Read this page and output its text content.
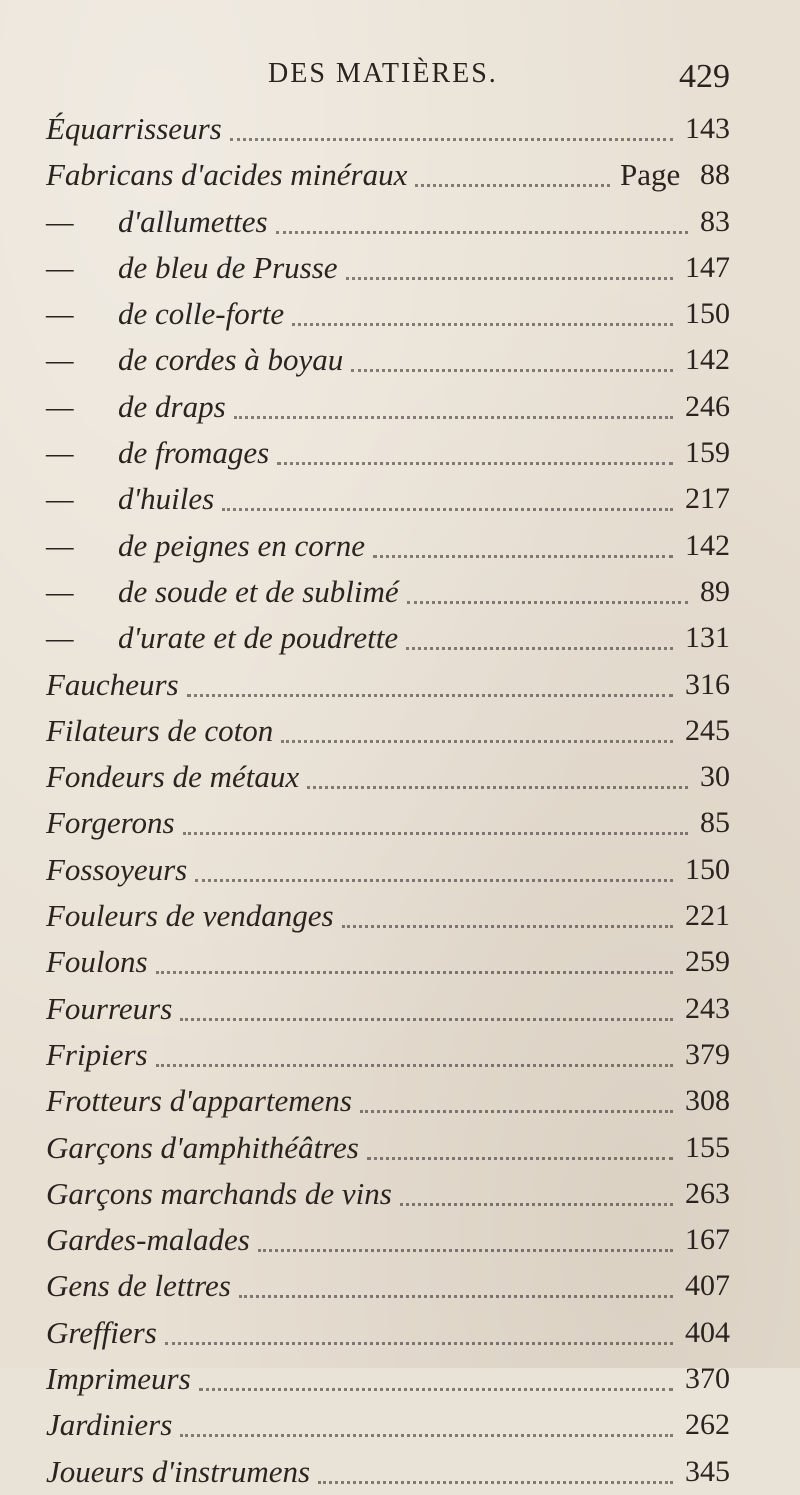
DES MATIÈRES.	429
Équarrisseurs	143
Fabricans d'acides minéraux	Page 88
— d'allumettes	83
— de bleu de Prusse	147
— de colle-forte	150
— de cordes à boyau	142
— de draps	246
— de fromages	159
— d'huiles	217
— de peignes en corne	142
— de soude et de sublimé	89
— d'urate et de poudrette	131
Faucheurs	316
Filateurs de coton	245
Fondeurs de métaux	30
Forgerons	85
Fossoyeurs	150
Fouleurs de vendanges	221
Foulons	259
Fourreurs	243
Fripiers	379
Frotteurs d'appartemens	308
Garçons d'amphithéâtres	155
Garçons marchands de vins	263
Gardes-malades	167
Gens de lettres	407
Greffiers	404
Imprimeurs	370
Jardiniers	262
Joueurs d'instrumens	345
